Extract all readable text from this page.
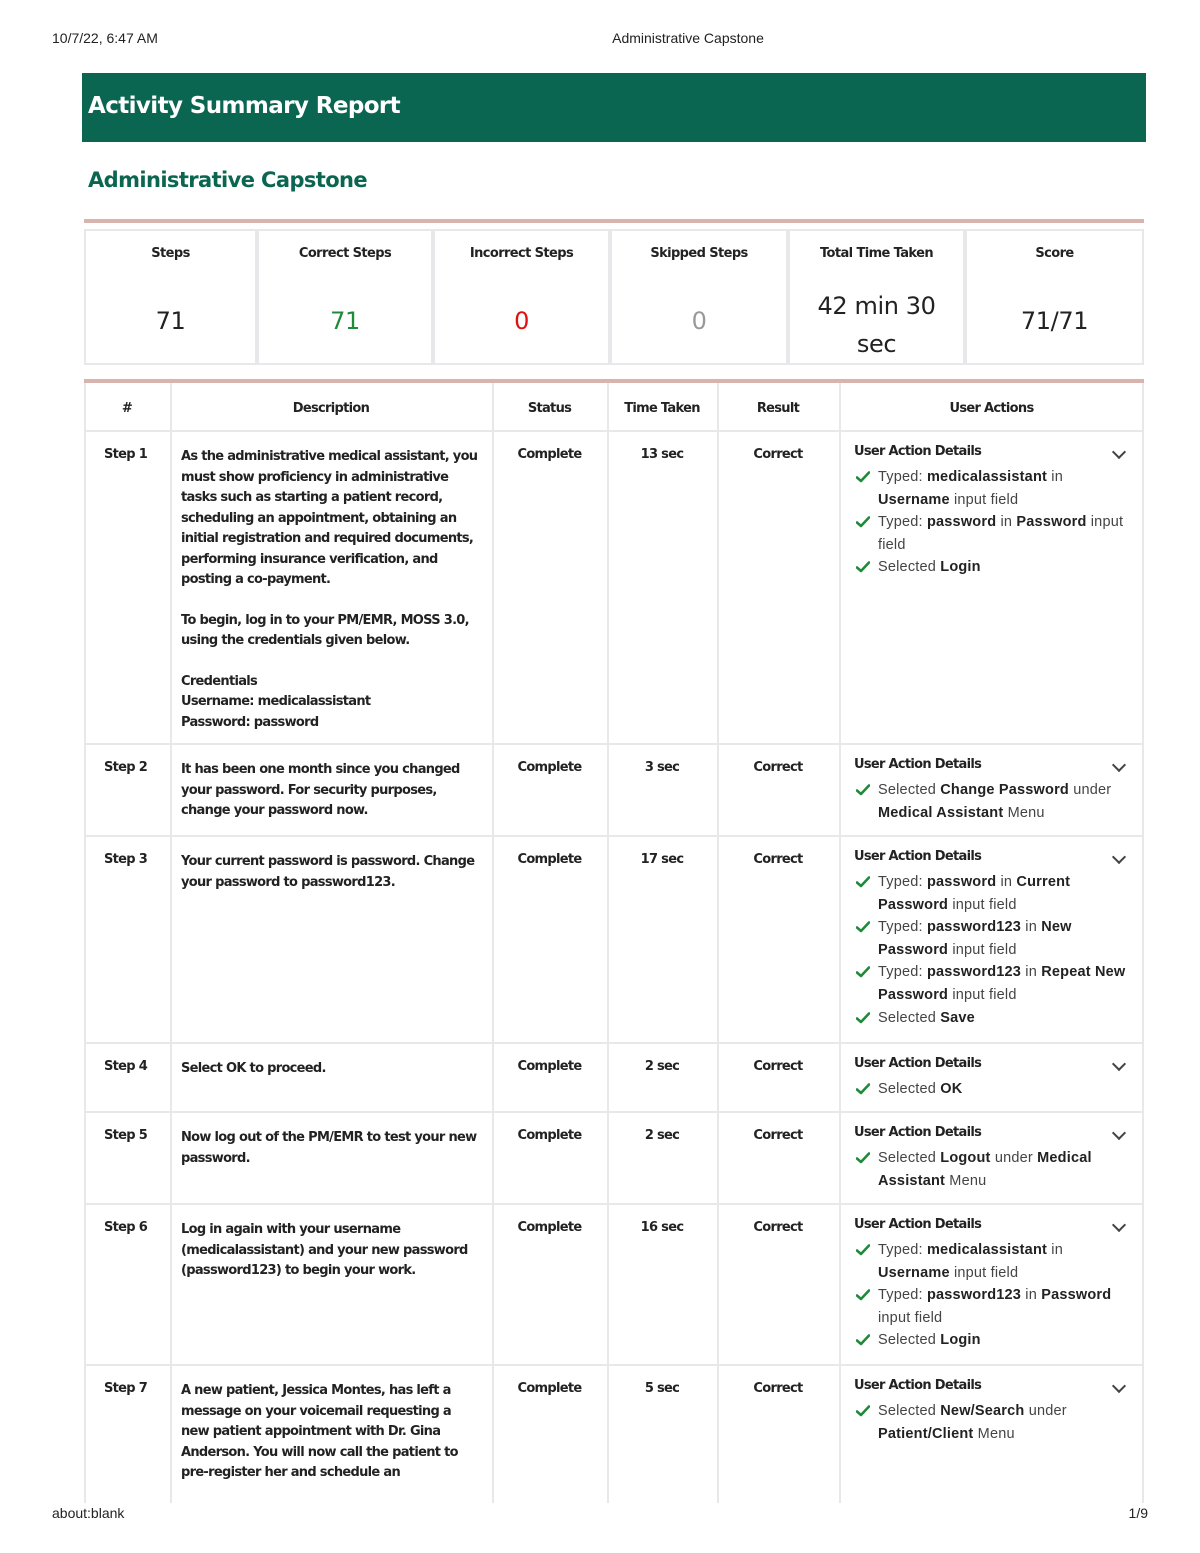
10/7/22, 6:47 AM	Administrative Capstone
Activity Summary Report
Administrative Capstone
Steps
71
Correct Steps
71
Incorrect Steps
0
Skipped Steps
0
Total Time Taken
42 min 30 sec
Score
71/71
#	Description	Status	Time Taken	Result	User Actions
Step 1	As the administrative medical assistant, you must show proficiency in administrative tasks such as starting a patient record, scheduling an appointment, obtaining an initial registration and required documents, performing insurance verification, and posting a co-payment.

To begin, log in to your PM/EMR, MOSS 3.0, using the credentials given below.

Credentials
Username: medicalassistant
Password: password

Complete	13 sec	Correct	User Action Details
Typed: medicalassistant in Username input field
Typed: password in Password input field
Selected Login
Step 2	It has been one month since you changed your password. For security purposes, change your password now.

Complete	3 sec	Correct	User Action Details
Selected Change Password under Medical Assistant Menu
Step 3	Your current password is password. Change your password to password123.

Complete	17 sec	Correct	User Action Details
Typed: password in Current Password input field
Typed: password123 in New Password input field
Typed: password123 in Repeat New Password input field
Selected Save
Step 4	Select OK to proceed.	Complete	2 sec	Correct	User Action Details
Selected OK
Step 5	Now log out of the PM/EMR to test your new password.

Complete	2 sec	Correct	User Action Details
Selected Logout under Medical Assistant Menu
Step 6	Log in again with your username (medicalassistant) and your new password (password123) to begin your work.

Complete	16 sec	Correct	User Action Details
Typed: medicalassistant in Username input field
Typed: password123 in Password input field
Selected Login
Step 7	A new patient, Jessica Montes, has left a message on your voicemail requesting a new patient appointment with Dr. Gina Anderson. You will now call the patient to pre-register her and schedule an

Complete	5 sec	Correct	User Action Details
Selected New/Search under Patient/Client Menu
about:blank	1/9
